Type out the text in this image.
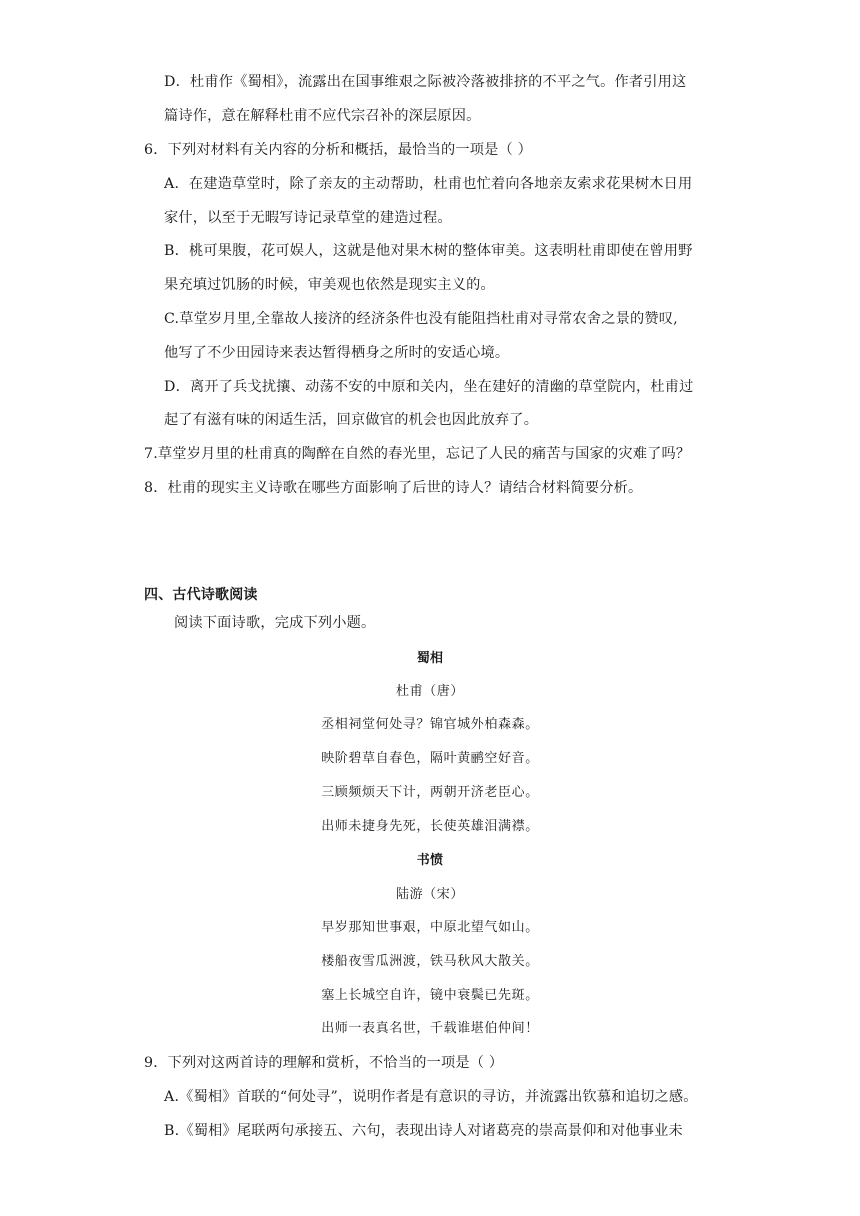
D．杜甫作《蜀相》，流露出在国事维艰之际被冷落被排挤的不平之气。作者引用这
篇诗作，意在解释杜甫不应代宗召补的深层原因。
6．下列对材料有关内容的分析和概括，最恰当的一项是（ ）
A．在建造草堂时，除了亲友的主动帮助，杜甫也忙着向各地亲友索求花果树木日用
家什，以至于无暇写诗记录草堂的建造过程。
B．桃可果腹，花可娱人，这就是他对果木树的整体审美。这表明杜甫即使在曾用野
果充填过饥肠的时候，审美观也依然是现实主义的。
C.草堂岁月里,全靠故人接济的经济条件也没有能阻挡杜甫对寻常农舍之景的赞叹,
他写了不少田园诗来表达暂得栖身之所时的安适心境。
D．离开了兵戈扰攘、动荡不安的中原和关内，坐在建好的清幽的草堂院内，杜甫过
起了有滋有味的闲适生活，回京做官的机会也因此放弃了。
7.草堂岁月里的杜甫真的陶醉在自然的春光里，忘记了人民的痛苦与国家的灾难了吗？
8．杜甫的现实主义诗歌在哪些方面影响了后世的诗人？请结合材料简要分析。
四、古代诗歌阅读
阅读下面诗歌，完成下列小题。
蜀相
杜甫（唐）
丞相祠堂何处寻？锦官城外柏森森。
映阶碧草自春色，隔叶黄鹂空好音。
三顾频烦天下计，两朝开济老臣心。
出师未捷身先死，长使英雄泪满襟。
书愤
陆游（宋）
早岁那知世事艰，中原北望气如山。
楼船夜雪瓜洲渡，铁马秋风大散关。
塞上长城空自许，镜中衰鬓已先斑。
出师一表真名世，千载谁堪伯仲间！
9．下列对这两首诗的理解和赏析，不恰当的一项是（ ）
A.《蜀相》首联的“何处寻”，说明作者是有意识的寻访，并流露出钦慕和追切之感。
B.《蜀相》尾联两句承接五、六句，表现出诗人对诸葛亮的崇高景仰和对他事业未
